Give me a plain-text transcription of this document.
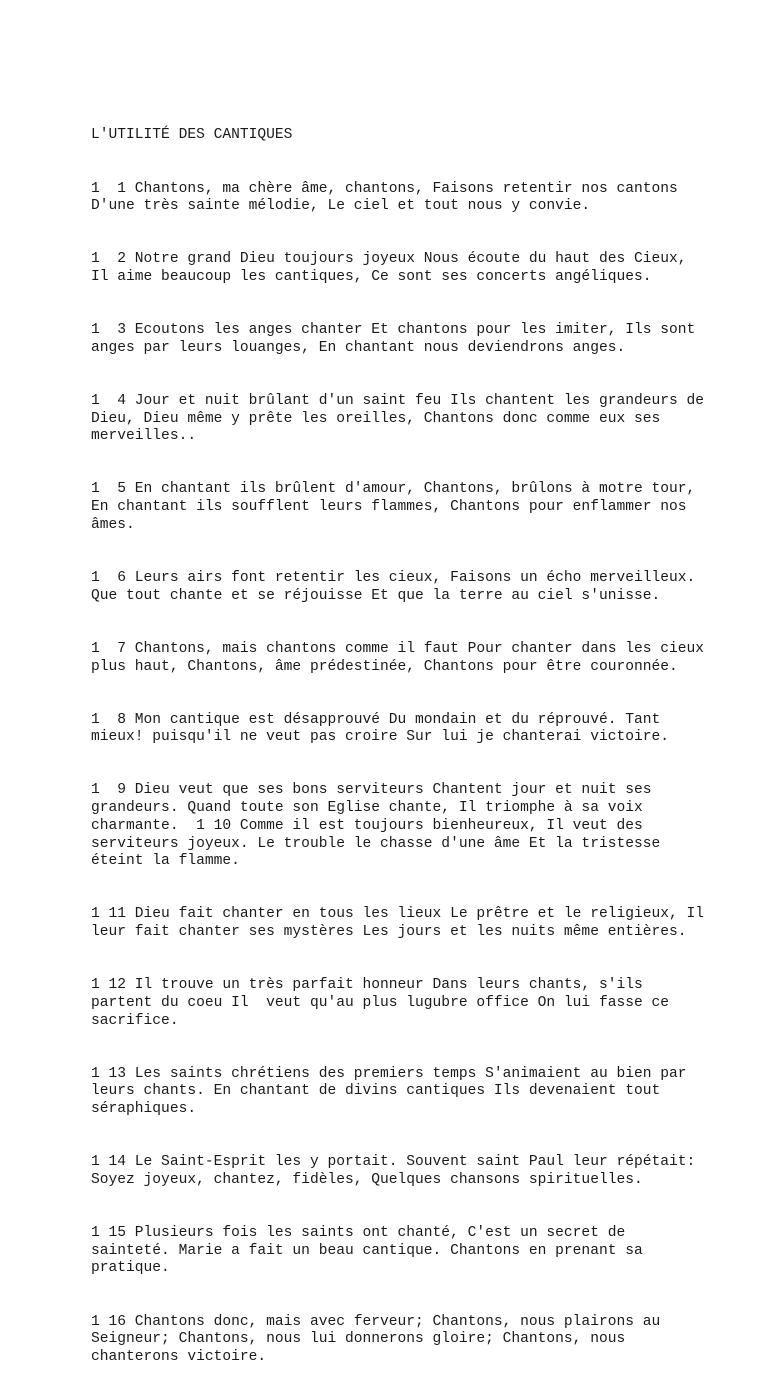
L'UTILITÉ DES CANTIQUES

1  1 Chantons, ma chère âme, chantons, Faisons retentir nos cantons D'une très sainte mélodie, Le ciel et tout nous y convie.

1  2 Notre grand Dieu toujours joyeux Nous écoute du haut des Cieux, Il aime beaucoup les cantiques, Ce sont ses concerts angéliques.

1  3 Ecoutons les anges chanter Et chantons pour les imiter, Ils sont anges par leurs louanges, En chantant nous deviendrons anges.

1  4 Jour et nuit brûlant d'un saint feu Ils chantent les grandeurs de Dieu, Dieu même y prête les oreilles, Chantons donc comme eux ses merveilles..

1  5 En chantant ils brûlent d'amour, Chantons, brûlons à motre tour, En chantant ils soufflent leurs flammes, Chantons pour enflammer nos âmes.

1  6 Leurs airs font retentir les cieux, Faisons un écho merveilleux. Que tout chante et se réjouisse Et que la terre au ciel s'unisse.

1  7 Chantons, mais chantons comme il faut Pour chanter dans les cieux plus haut, Chantons, âme prédestinée, Chantons pour être couronnée.

1  8 Mon cantique est désapprouvé Du mondain et du réprouvé. Tant mieux! puisqu'il ne veut pas croire Sur lui je chanterai victoire.

1  9 Dieu veut que ses bons serviteurs Chantent jour et nuit ses grandeurs. Quand toute son Eglise chante, Il triomphe à sa voix charmante.  1 10 Comme il est toujours bienheureux, Il veut des serviteurs joyeux. Le trouble le chasse d'une âme Et la tristesse éteint la flamme.

1 11 Dieu fait chanter en tous les lieux Le prêtre et le religieux, Il leur fait chanter ses mystères Les jours et les nuits même entières.

1 12 Il trouve un très parfait honneur Dans leurs chants, s'ils partent du coeu Il  veut qu'au plus lugubre office On lui fasse ce sacrifice.

1 13 Les saints chrétiens des premiers temps S'animaient au bien par leurs chants. En chantant de divins cantiques Ils devenaient tout séraphiques.

1 14 Le Saint-Esprit les y portait. Souvent saint Paul leur répétait: Soyez joyeux, chantez, fidèles, Quelques chansons spirituelles.

1 15 Plusieurs fois les saints ont chanté, C'est un secret de sainteté. Marie a fait un beau cantique. Chantons en prenant sa pratique.

1 16 Chantons donc, mais avec ferveur; Chantons, nous plairons au Seigneur; Chantons, nous lui donnerons gloire; Chantons, nous chanterons victoire.
